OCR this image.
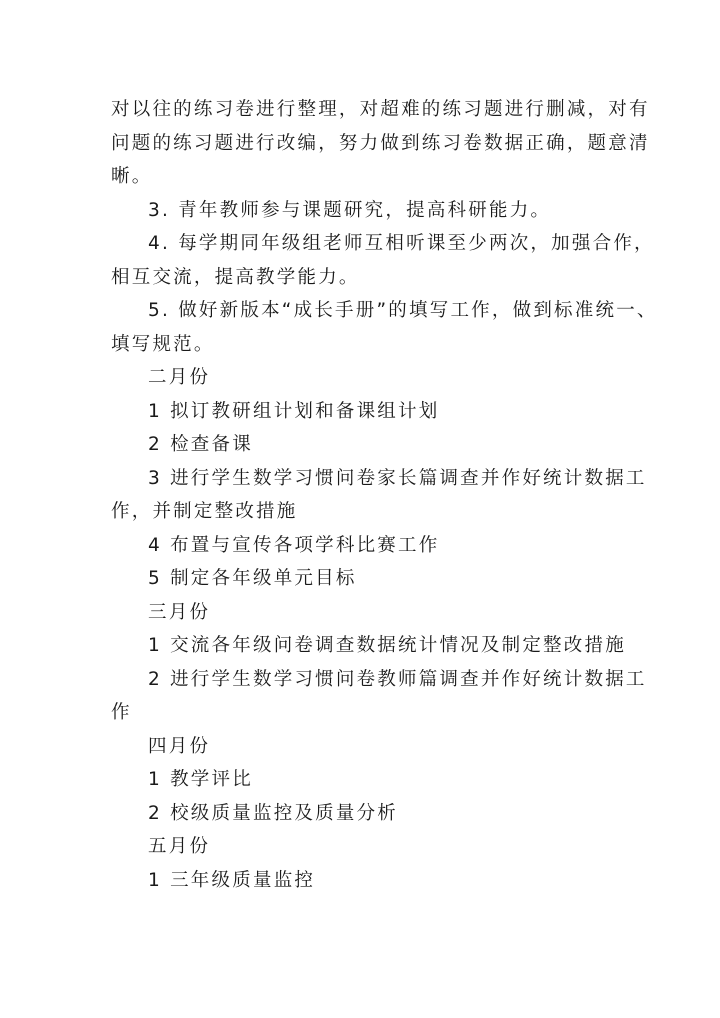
对以往的练习卷进行整理，对超难的练习题进行删减，对有
问题的练习题进行改编，努力做到练习卷数据正确，题意清
晰。
3. 青年教师参与课题研究，提高科研能力。
4. 每学期同年级组老师互相听课至少两次，加强合作，
相互交流，提高教学能力。
5. 做好新版本“成长手册”的填写工作，做到标准统一、
填写规范。
二月份
1 拟订教研组计划和备课组计划
2 检查备课
3 进行学生数学习惯问卷家长篇调查并作好统计数据工
作，并制定整改措施
4 布置与宣传各项学科比赛工作
5 制定各年级单元目标
三月份
1 交流各年级问卷调查数据统计情况及制定整改措施
2 进行学生数学习惯问卷教师篇调查并作好统计数据工
作
四月份
1 教学评比
2 校级质量监控及质量分析
五月份
1 三年级质量监控
